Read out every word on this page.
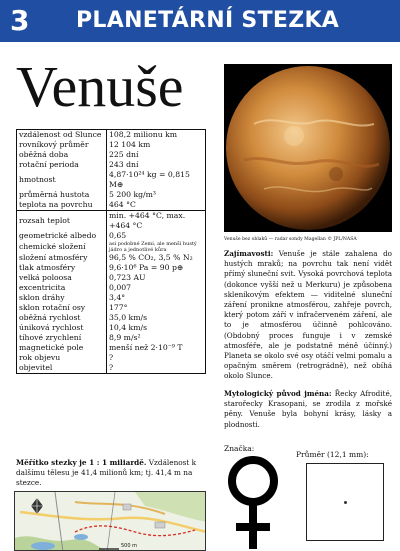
3 PLANETÁRNÍ STEZKA
Venuše
vzdálenost od Slunce	108,2 milionu km
rovníkový průměr	12 104 km
oběžná doba	225 dní
rotační perioda	243 dní
hmotnost	4,87·10²⁴ kg = 0,815 M⊕
průměrná hustota	5 200 kg/m³
teplota na povrchu	464 °C
rozsah teplot	min. +464 °C, max. +464 °C
geometrické albedo	0,65
chemické složení	asi podobné Zemi, ale menší hustý jádro a jednotlivé kůra
složení atmosféry	96,5 % CO₂, 3,5 % N₂
tlak atmosféry	9,6·10⁶ Pa = 90 p⊕
velká poloosa	0,723 AU
excentricita	0,007
sklon dráhy	3,4°
sklon rotační osy	177°
oběžná rychlost	35,0 km/s
úniková rychlost	10,4 km/s
tíhové zrychlení	8,9 m/s²
magnetické pole	menší než 2·10⁻⁹ T
rok objevu	?
objevitel	?
Měřítko stezky je 1 : 1 miliardě. Vzdálenost k dalšímu tělesu je 41,4 milionů km; tj. 41,4 m na stezce.
500 m
Venuše bez oblaků — radar sondy Magellan © JPL/NASA
Zajímavosti: Venuše je stále zahalena do hustých mraků; na povrchu tak není vidět přímý sluneční svit. Vysoká povrchová teplota (dokonce vyšší než u Merkuru) je způsobena skleníkovým efektem — viditelné sluneční záření pronikne atmosférou, zahřeje povrch, který potom září v infračerveném záření, ale to je atmosférou účinně pohlcováno. (Obdobný proces funguje i v zemské atmosféře, ale je podstatně méně účinný.) Planeta se okolo své osy otáčí velmi pomalu a opačným směrem (retrográdně), než obíhá okolo Slunce.
Mytologický původ jména: Řecky Afrodité, starořecky Krasopani, se zrodila z mořské pěny. Venuše byla bohyní krásy, lásky a plodnosti.
Značka:
Průměr (12,1 mm):
